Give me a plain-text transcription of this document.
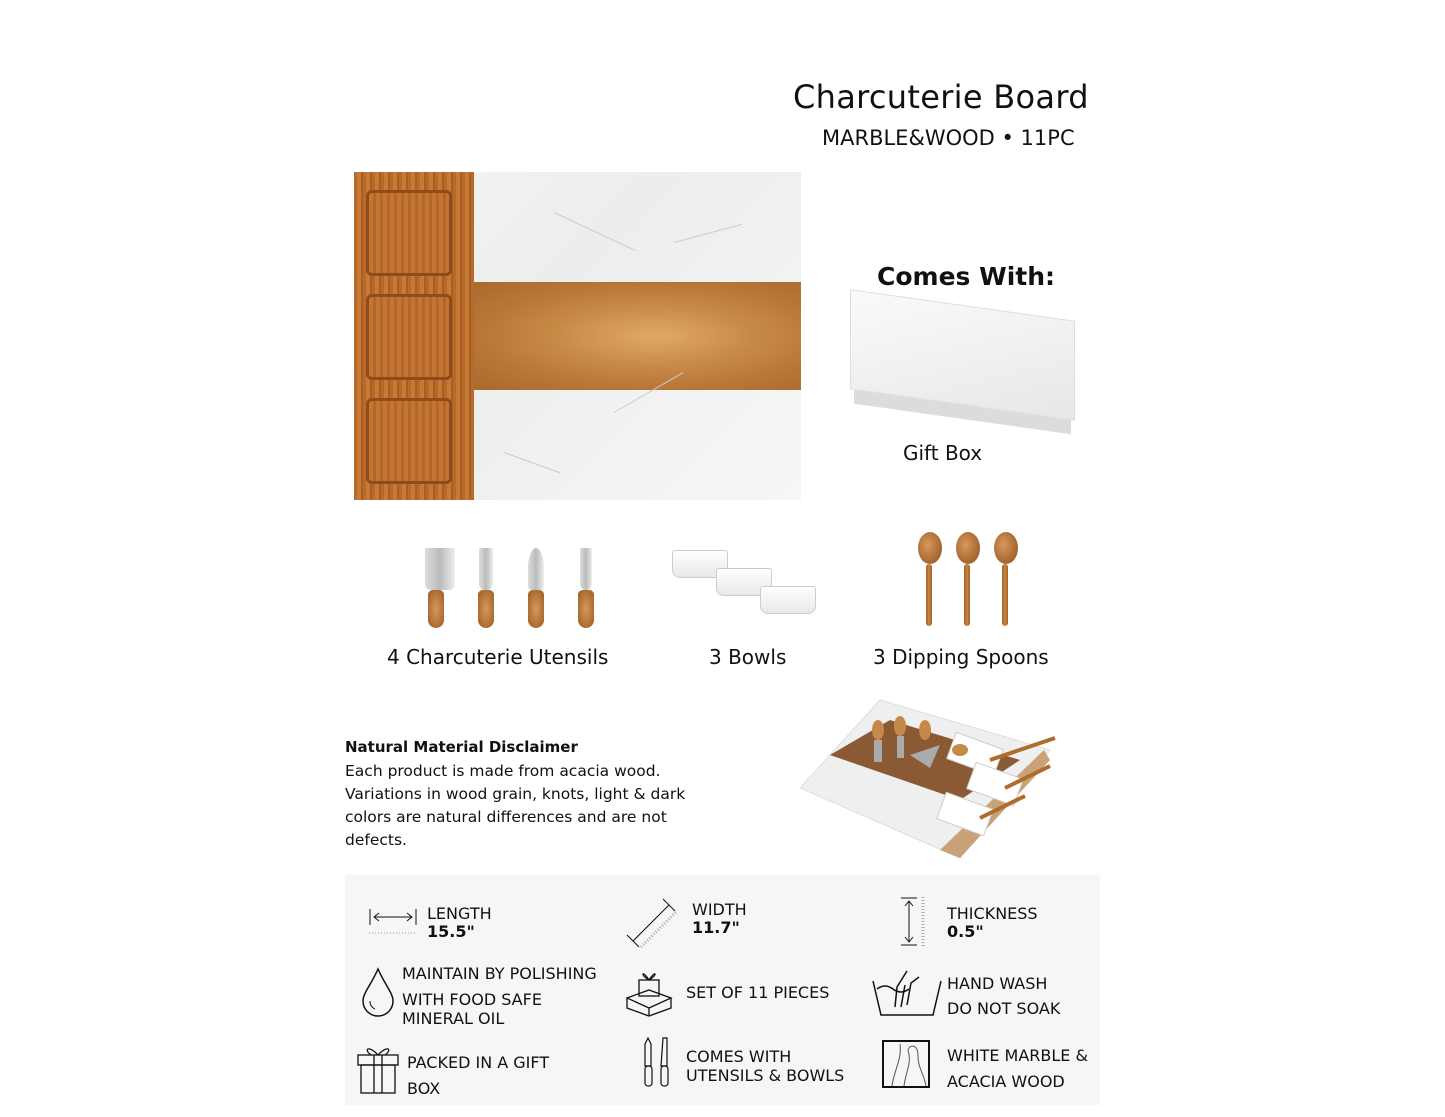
Charcuterie Board
MARBLE&WOOD • 11PC
Comes With:
Gift Box
4 Charcuterie Utensils	3 Bowls	3 Dipping Spoons
Natural Material Disclaimer
Each product is made from acacia wood. Variations in wood grain, knots, light & dark colors are natural differences and are not defects.
LENGTH
15.5"
WIDTH
11.7"
THICKNESS
0.5"
MAINTAIN BY POLISHING
WITH FOOD SAFE
MINERAL OIL
SET OF 11 PIECES	HAND WASH
DO NOT SOAK
PACKED IN A GIFT
BOX
COMES WITH
UTENSILS & BOWLS
WHITE MARBLE &
ACACIA WOOD
